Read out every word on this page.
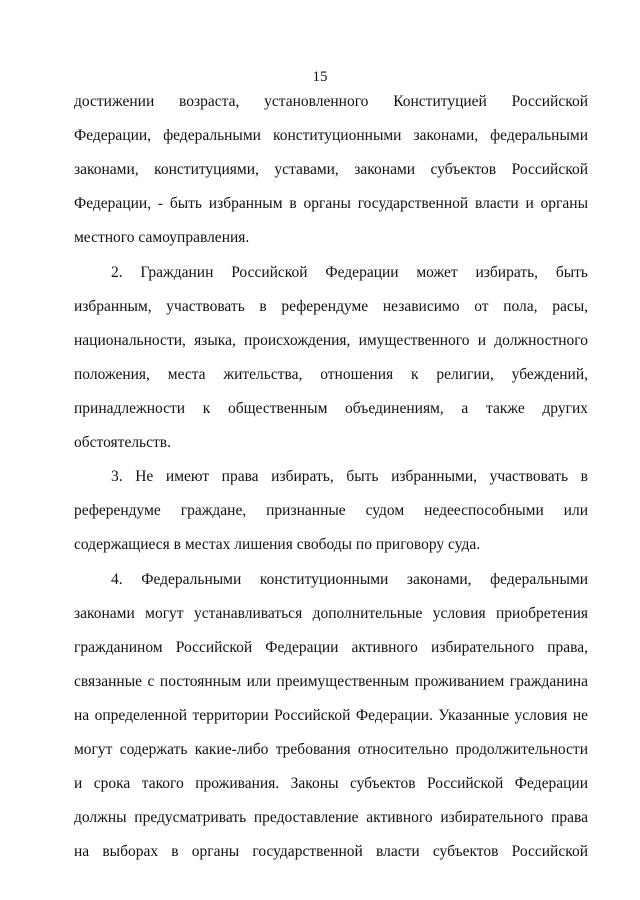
15
достижении возраста, установленного Конституцией Российской
Федерации, федеральными конституционными законами, федеральными
законами, конституциями, уставами, законами субъектов Российской
Федерации, - быть избранным в органы государственной власти и органы
местного самоуправления.
2. Гражданин Российской Федерации может избирать, быть
избранным, участвовать в референдуме независимо от пола, расы,
национальности, языка, происхождения, имущественного и должностного
положения, места жительства, отношения к религии, убеждений,
принадлежности к общественным объединениям, а также других
обстоятельств.
3. Не имеют права избирать, быть избранными, участвовать в
референдуме граждане, признанные судом недееспособными или
содержащиеся в местах лишения свободы по приговору суда.
4. Федеральными конституционными законами, федеральными
законами могут устанавливаться дополнительные условия приобретения
гражданином Российской Федерации активного избирательного права,
связанные с постоянным или преимущественным проживанием гражданина
на определенной территории Российской Федерации. Указанные условия не
могут содержать какие-либо требования относительно продолжительности
и срока такого проживания. Законы субъектов Российской Федерации
должны предусматривать предоставление активного избирательного права
на выборах в органы государственной власти субъектов Российской
